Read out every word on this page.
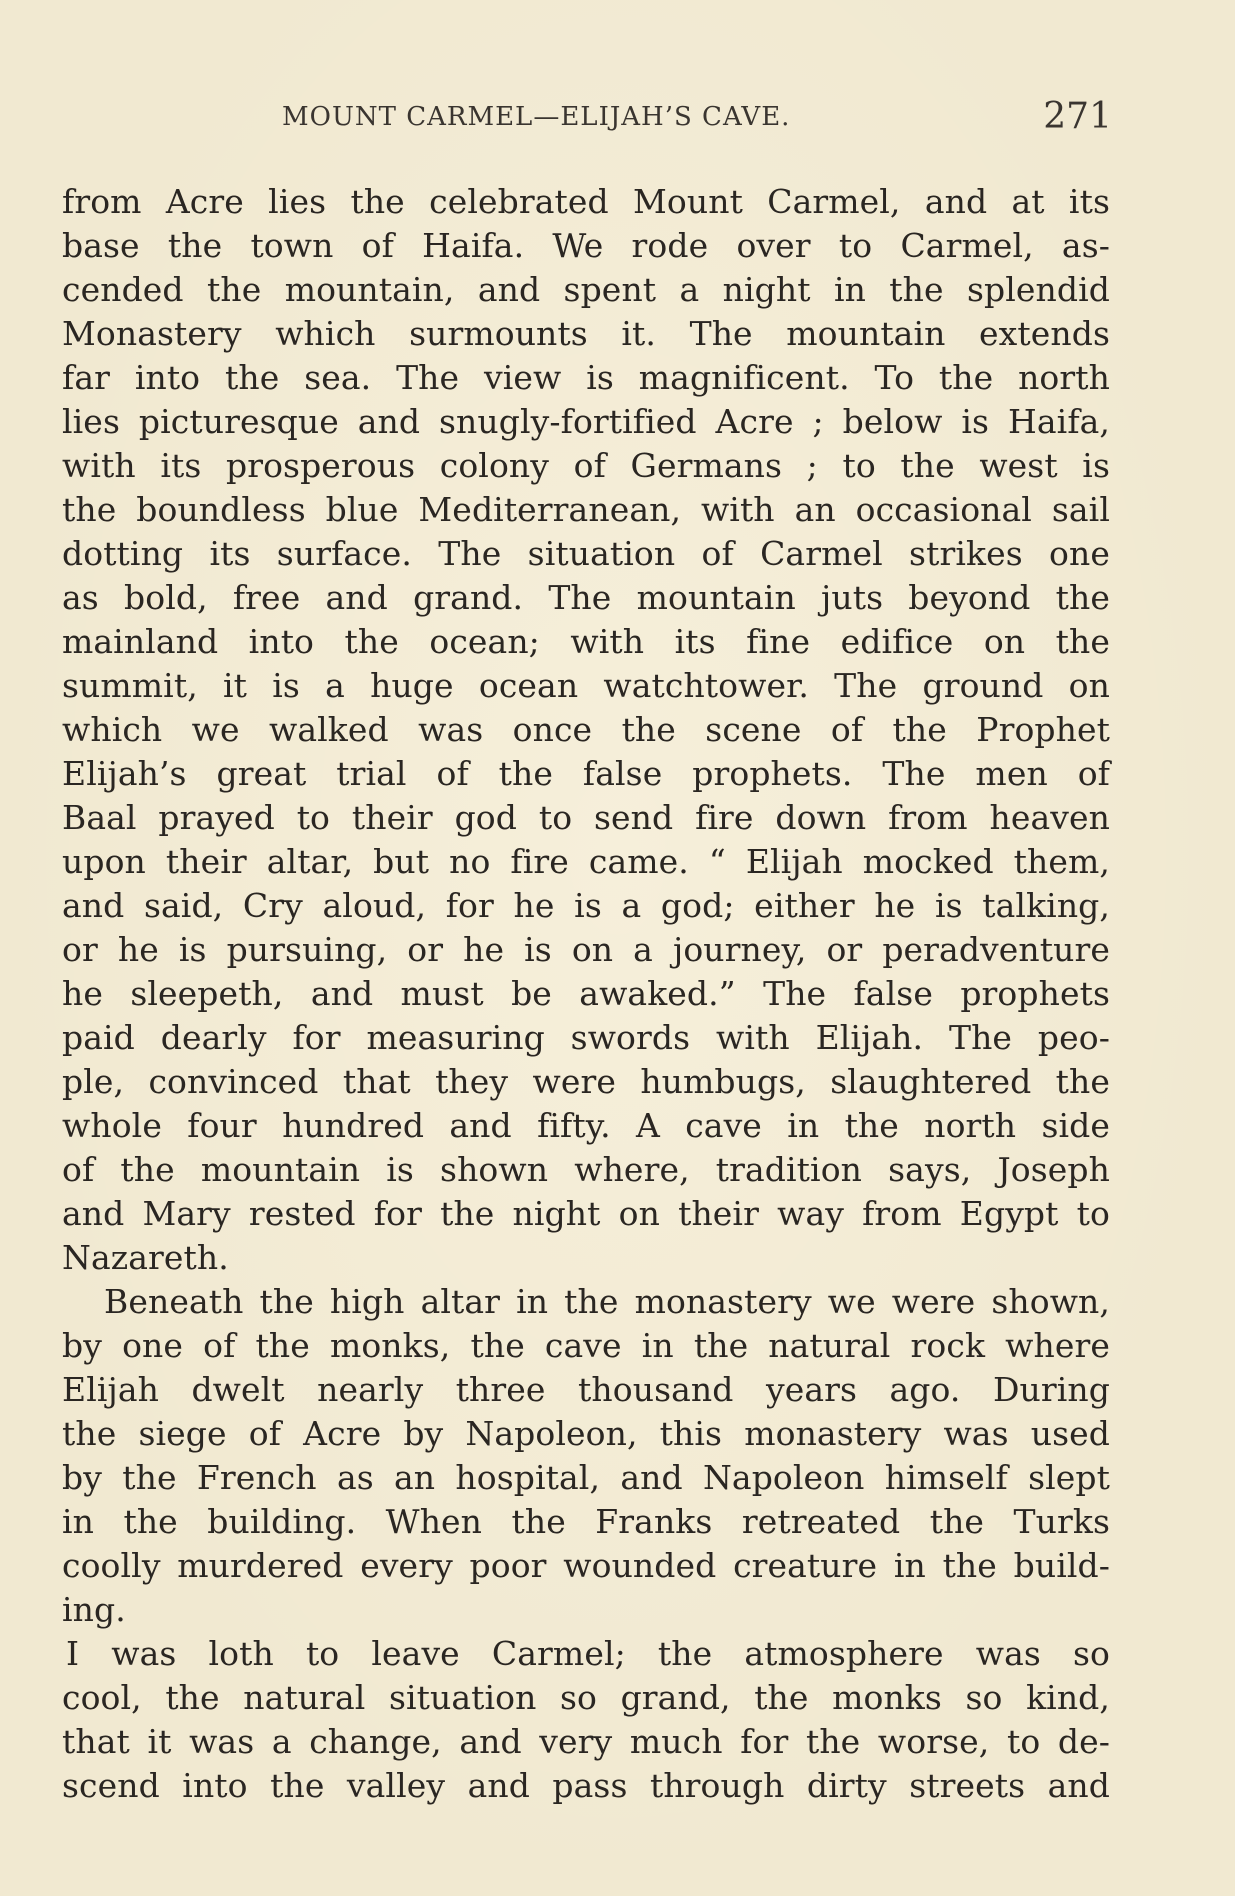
MOUNT CARMEL—ELIJAH’S CAVE.	271
from Acre lies the celebrated Mount Carmel, and at its
base the town of Haifa. We rode over to Carmel, as-
cended the mountain, and spent a night in the splendid
Monastery which surmounts it. The mountain extends
far into the sea. The view is magnificent. To the north
lies picturesque and snugly-fortified Acre ; below is Haifa,
with its prosperous colony of Germans ; to the west is
the boundless blue Mediterranean, with an occasional sail
dotting its surface. The situation of Carmel strikes one
as bold, free and grand. The mountain juts beyond the
mainland into the ocean; with its fine edifice on the
summit, it is a huge ocean watchtower. The ground on
which we walked was once the scene of the Prophet
Elijah’s great trial of the false prophets. The men of
Baal prayed to their god to send fire down from heaven
upon their altar, but no fire came. “ Elijah mocked them,
and said, Cry aloud, for he is a god; either he is talking,
or he is pursuing, or he is on a journey, or peradventure
he sleepeth, and must be awaked.” The false prophets
paid dearly for measuring swords with Elijah. The peo-
ple, convinced that they were humbugs, slaughtered the
whole four hundred and fifty. A cave in the north side
of the mountain is shown where, tradition says, Joseph
and Mary rested for the night on their way from Egypt to
Nazareth.
Beneath the high altar in the monastery we were shown,
by one of the monks, the cave in the natural rock where
Elijah dwelt nearly three thousand years ago. During
the siege of Acre by Napoleon, this monastery was used
by the French as an hospital, and Napoleon himself slept
in the building. When the Franks retreated the Turks
coolly murdered every poor wounded creature in the build-
ing.
I was loth to leave Carmel; the atmosphere was so
cool, the natural situation so grand, the monks so kind,
that it was a change, and very much for the worse, to de-
scend into the valley and pass through dirty streets and
